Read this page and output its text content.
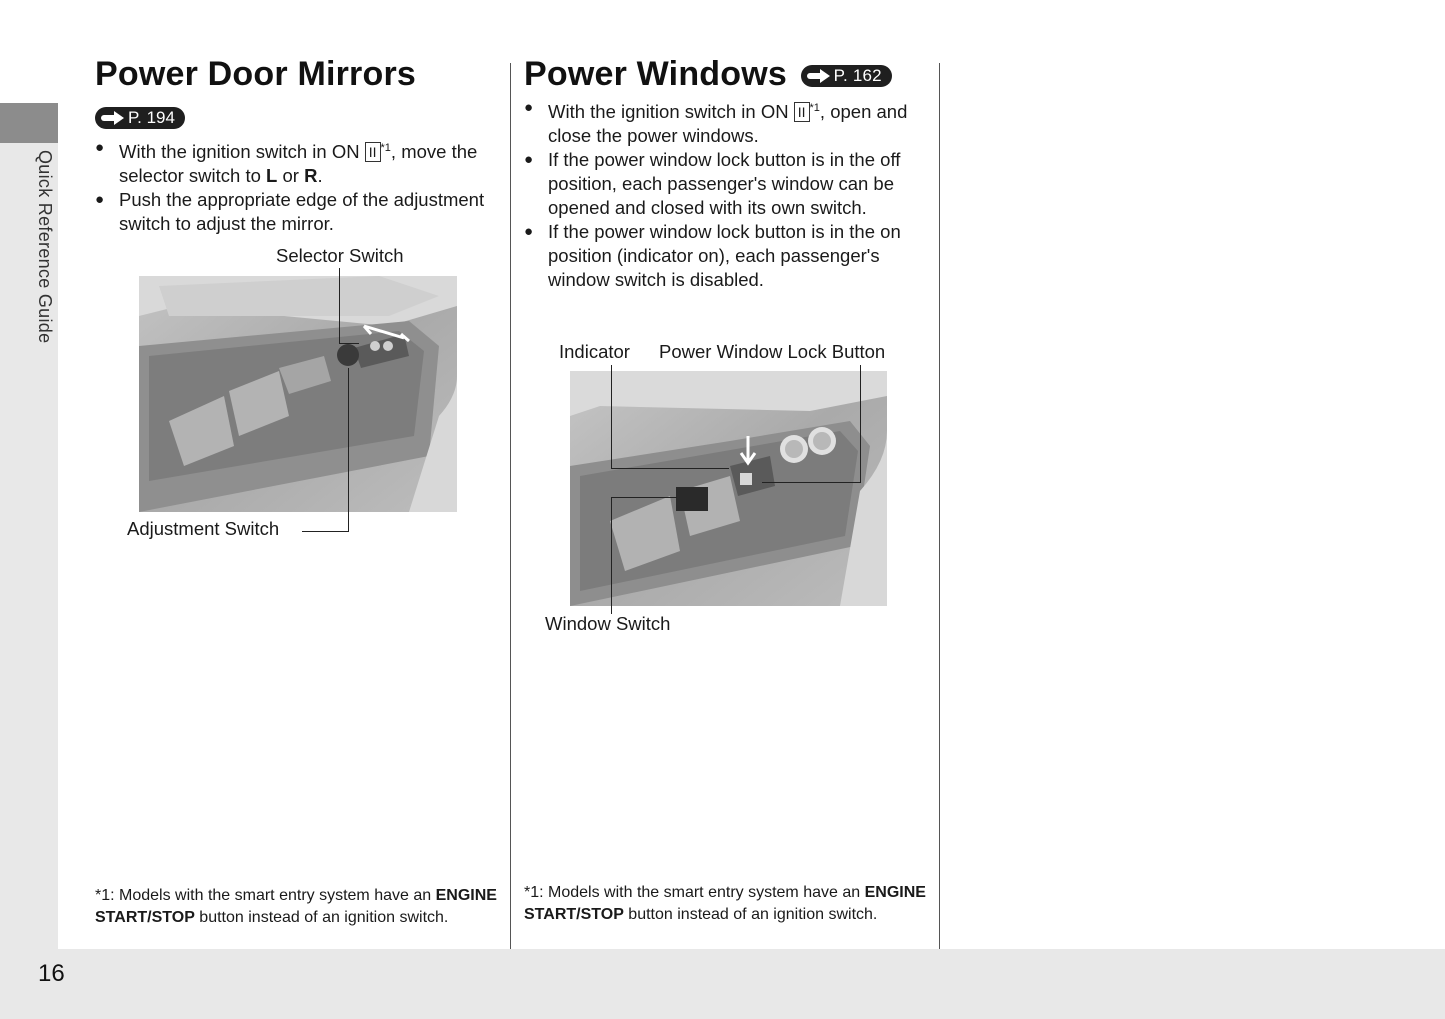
Quick Reference Guide
16
Power Door Mirrors
P. 194
● With the ignition switch in ON II $^{*1}$, move the selector switch to L or R.
● Push the appropriate edge of the adjustment switch to adjust the mirror.
Selector Switch
Adjustment Switch
*1: Models with the smart entry system have an ENGINE START/STOP button instead of an ignition switch.
Power Windows	P. 162
● With the ignition switch in ON II $^{*1}$, open and close the power windows.
● If the power window lock button is in the off position, each passenger's window can be opened and closed with its own switch.
● If the power window lock button is in the on position (indicator on), each passenger's window switch is disabled.
Indicator Power Window Lock Button
Window Switch
*1: Models with the smart entry system have an ENGINE START/STOP button instead of an ignition switch.
